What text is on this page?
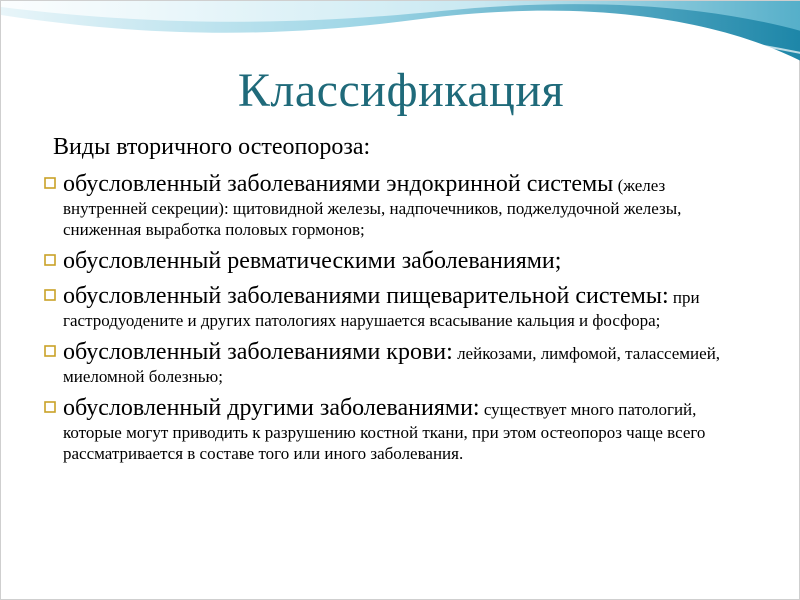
Классификация
Виды вторичного остеопороза:

обусловленный заболеваниями эндокринной системы (желез внутренней секреции): щитовидной железы, надпочечников, поджелудочной железы, сниженная выработка половых гормонов;

обусловленный ревматическими заболеваниями;

обусловленный заболеваниями пищеварительной системы: при гастродуодените и других патологиях нарушается всасывание кальция и фосфора;

обусловленный заболеваниями крови: лейкозами, лимфомой, талассемией, миеломной болезнью;

обусловленный другими заболеваниями: существует много патологий, которые могут приводить к разрушению костной ткани, при этом остеопороз чаще всего рассматривается в составе того или иного заболевания.
